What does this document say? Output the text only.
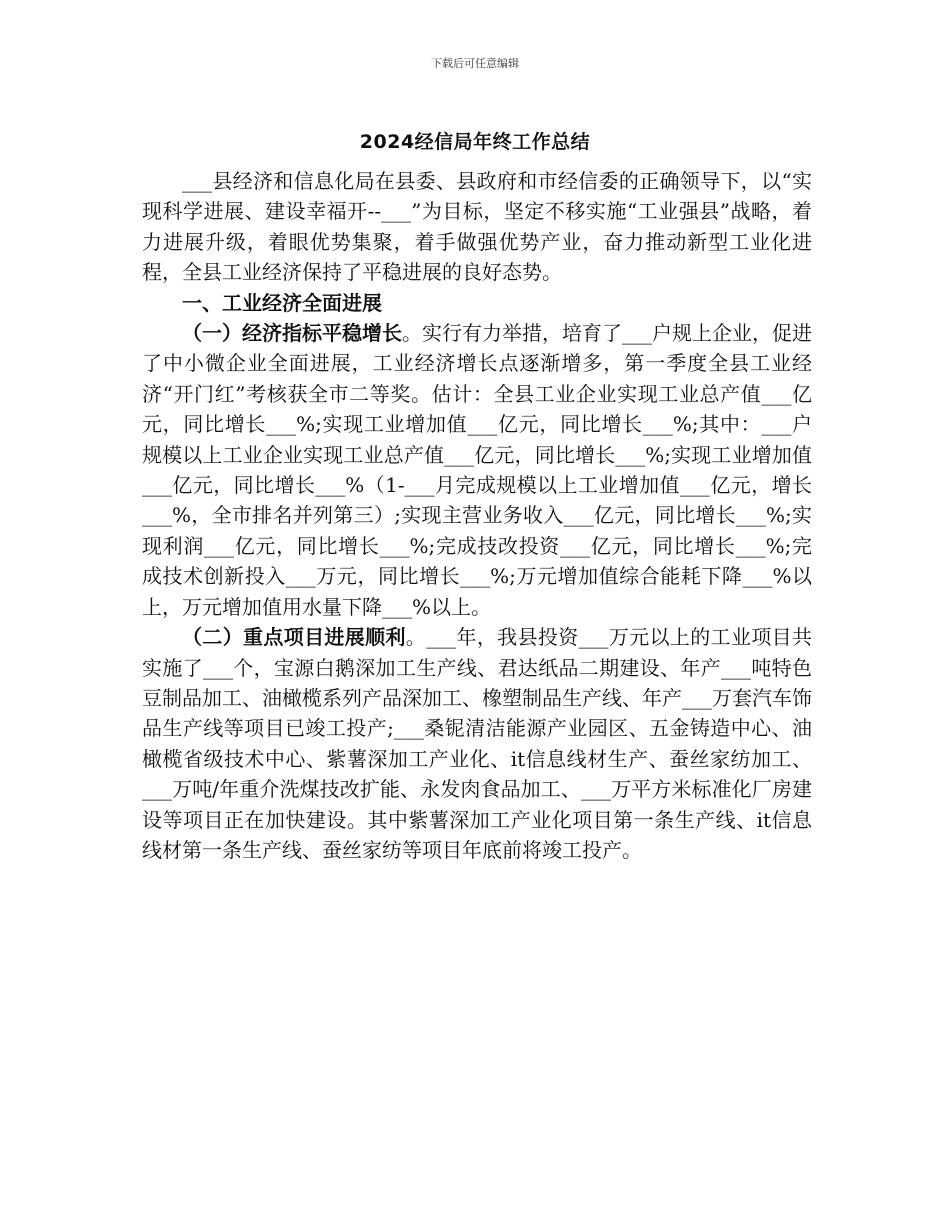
下载后可任意编辑
2024经信局年终工作总结

___县经济和信息化局在县委、县政府和市经信委的正确领导下，以“实现科学进展、建设幸福开--___”为目标，坚定不移实施“工业强县”战略，着力进展升级，着眼优势集聚，着手做强优势产业，奋力推动新型工业化进程，全县工业经济保持了平稳进展的良好态势。

一、工业经济全面进展

（一）经济指标平稳增长。实行有力举措，培育了___户规上企业，促进了中小微企业全面进展，工业经济增长点逐渐增多，第一季度全县工业经济“开门红”考核获全市二等奖。估计：全县工业企业实现工业总产值___亿元，同比增长___%;实现工业增加值___亿元，同比增长___%;其中：___户规模以上工业企业实现工业总产值___亿元，同比增长___%;实现工业增加值___亿元，同比增长___%（1-___月完成规模以上工业增加值___亿元，增长___%，全市排名并列第三）;实现主营业务收入___亿元，同比增长___%;实现利润___亿元，同比增长___%;完成技改投资___亿元，同比增长___%;完成技术创新投入___万元，同比增长___%;万元增加值综合能耗下降___%以上，万元增加值用水量下降___%以上。

（二）重点项目进展顺利。___年，我县投资___万元以上的工业项目共实施了___个，宝源白鹅深加工生产线、君达纸品二期建设、年产___吨特色豆制品加工、油橄榄系列产品深加工、橡塑制品生产线、年产___万套汽车饰品生产线等项目已竣工投产;___桑铌清洁能源产业园区、五金铸造中心、油橄榄省级技术中心、紫薯深加工产业化、it信息线材生产、蚕丝家纺加工、___万吨/年重介洗煤技改扩能、永发肉食品加工、___万平方米标准化厂房建设等项目正在加快建设。其中紫薯深加工产业化项目第一条生产线、it信息线材第一条生产线、蚕丝家纺等项目年底前将竣工投产。
